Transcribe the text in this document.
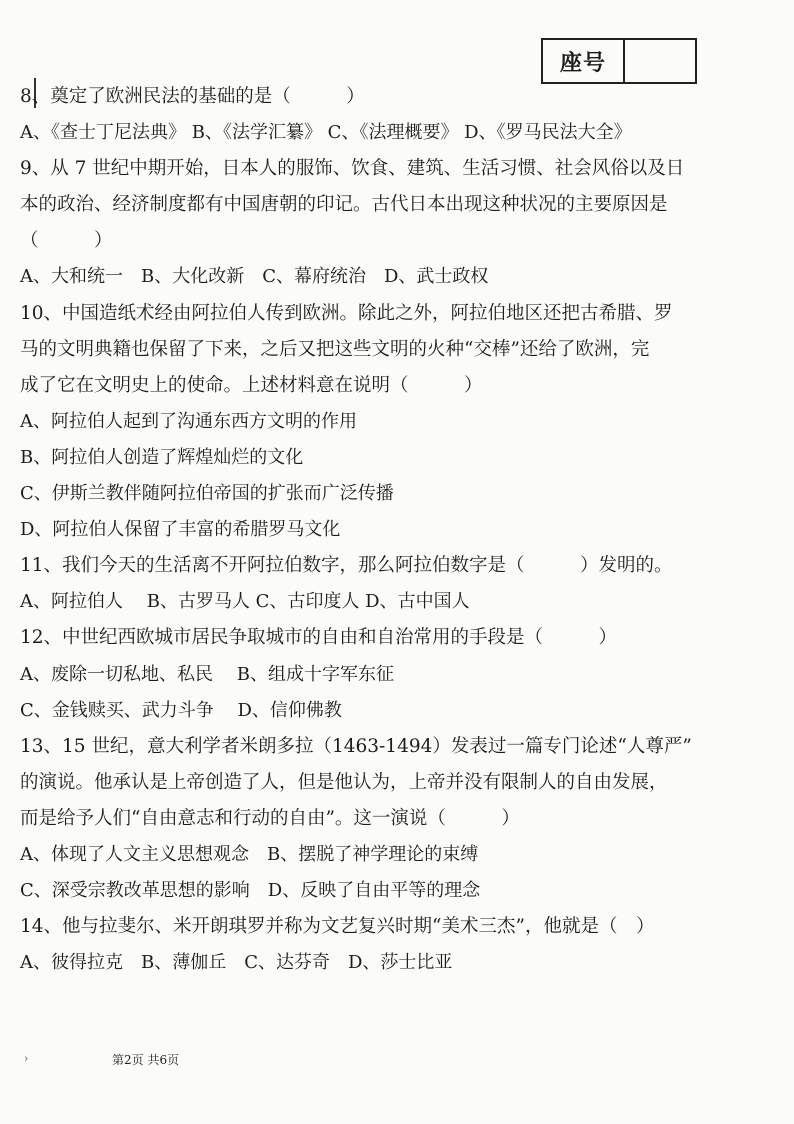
座号
8、奠定了欧洲民法的基础的是（　　　）
A、《查士丁尼法典》 B、《法学汇纂》 C、《法理概要》 D、《罗马民法大全》
9、从 7 世纪中期开始，日本人的服饰、饮食、建筑、生活习惯、社会风俗以及日
本的政治、经济制度都有中国唐朝的印记。古代日本出现这种状况的主要原因是
（　　　）
A、大和统一　B、大化改新　C、幕府统治　D、武士政权
10、中国造纸术经由阿拉伯人传到欧洲。除此之外，阿拉伯地区还把古希腊、罗
马的文明典籍也保留了下来，之后又把这些文明的火种“交棒”还给了欧洲，完
成了它在文明史上的使命。上述材料意在说明（　　　）
A、阿拉伯人起到了沟通东西方文明的作用
B、阿拉伯人创造了辉煌灿烂的文化
C、伊斯兰教伴随阿拉伯帝国的扩张而广泛传播
D、阿拉伯人保留了丰富的希腊罗马文化
11、我们今天的生活离不开阿拉伯数字，那么阿拉伯数字是（　　　）发明的。
A、阿拉伯人　 B、古罗马人 C、古印度人 D、古中国人
12、中世纪西欧城市居民争取城市的自由和自治常用的手段是（　　　）
A、废除一切私地、私民　 B、组成十字军东征
C、金钱赎买、武力斗争　 D、信仰佛教
13、15 世纪，意大利学者米朗多拉（1463-1494）发表过一篇专门论述“人尊严”
的演说。他承认是上帝创造了人，但是他认为，上帝并没有限制人的自由发展，
而是给予人们“自由意志和行动的自由”。这一演说（　　　）
A、体现了人文主义思想观念　B、摆脱了神学理论的束缚
C、深受宗教改革思想的影响　D、反映了自由平等的理念
14、他与拉斐尔、米开朗琪罗并称为文艺复兴时期“美术三杰”，他就是（　）
A、彼得拉克　B、薄伽丘　C、达芬奇　D、莎士比亚
›	第2页 共6页
